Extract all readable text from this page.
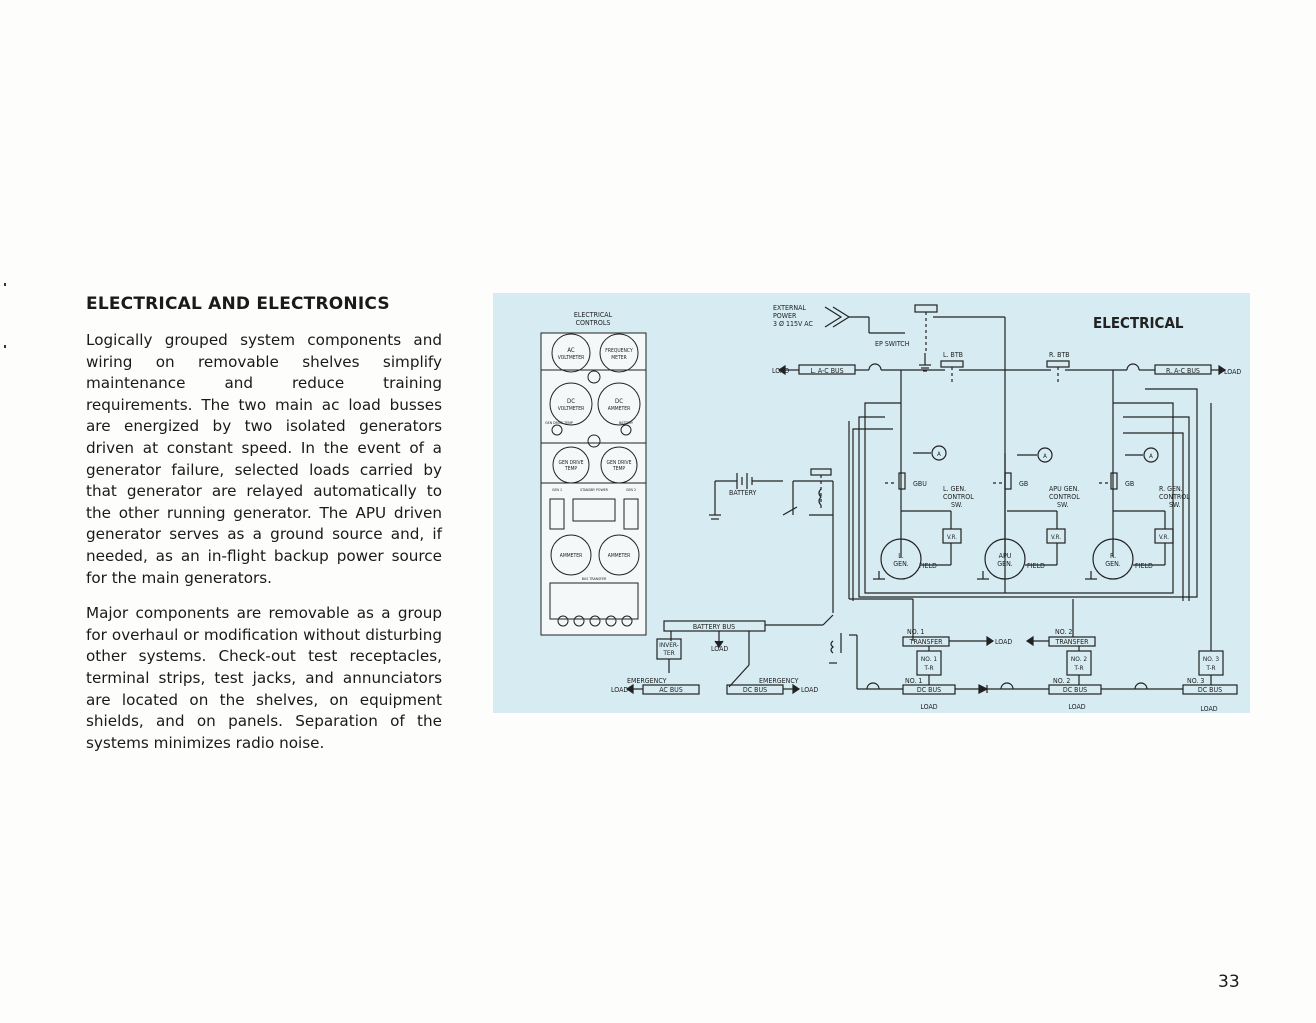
ELECTRICAL AND ELECTRONICS

Logically grouped system components and wiring on removable shelves simplify maintenance and reduce training requirements. The two main ac load busses are energized by two isolated generators driven at constant speed. In the event of a generator failure, selected loads carried by that generator are relayed automatically to the other running generator. The APU driven generator serves as a ground source and, if needed, as an in-flight backup power source for the main generators.

Major components are removable as a group for overhaul or modification without disturbing other systems. Check-out test receptacles, terminal strips, test jacks, and annunciators are located on the shelves, on equipment shields, and on panels. Separation of the systems minimizes radio noise.

ELECTRICAL
CONTROLS
AC
VOLTMETER
FREQUENCY
METER
DC
VOLTMETER
DC
AMMETER
GEN DRIVE
TEMP
GEN DRIVE
TEMP
AMMETER	AMMETER
GEN DRIVE TEMP	BATTERY
GEN 1	STANDBY POWER	GEN 2
BUS TRANSFER
ELECTRICAL
EXTERNAL
POWER
3 Ø 115V AC
EP SWITCH
L. BTB	R. BTB
LOAD	L. A-C BUS	R. A-C BUS	LOAD
BATTERY
A	A	A
GBU	GB	GB
L. GEN.
CONTROL
SW.
APU GEN.
CONTROL
SW.
R. GEN.
CONTROL
SW.
V.R.	V.R.	V.R.
L.
GEN.
APU
GEN.
R.
GEN.
FIELD	FIELD	FIELD
BATTERY BUS
INVER-
TER	LOAD
EMERGENCY
LOAD	AC BUS
EMERGENCY
DC BUS	LOAD
NO. 1
TRANSFER	LOAD
NO. 2
TRANSFER
NO. 1
T-R
NO. 2
T-R
NO. 3
T-R
NO. 1
DC BUS
NO. 2
DC BUS
NO. 3
DC BUS
LOAD	LOAD	LOAD
33
